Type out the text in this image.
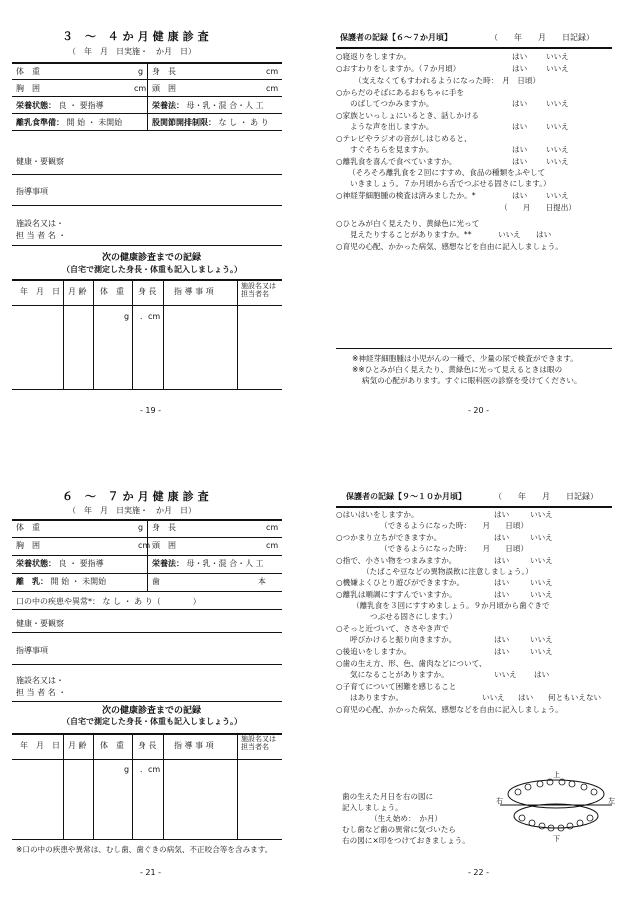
３ ～ ４か月健康診査
（　年　月　日実施・　か月　日）
体　重	g 身　長	cm
胸　囲	cm 頭　囲	cm
栄養状態： 良 ・ 要指導	栄養法： 母・乳・混 合・人 工
離乳食準備： 開 始 ・ 未開始	股関節開排制限： な し ・ あ り
健康・要観察
指導事項
施設名又は・
担 当 者 名 ・
次の健康診査までの記録
（自宅で測定した身長・体重も記入しましょう。）
年　月　日 月 齢 体　重 身 長 指 導 事 項
施設名又は担当者名
g ．cm
- 19 -
保護者の記録【６～７か月頃】	（　　年　　月　　日記録）
○寝返りをしますか。	はい いいえ
○おすわりをしますか。（７か月頃）	はい いいえ
（支えなくてもすわれるようになった時：　月　日頃）
○からだのそばにあるおもちゃに手を
のばしてつかみますか。	はい いいえ
○家族といっしょにいるとき、話しかける
ような声を出しますか。	はい いいえ
○テレビやラジオの音がしはじめると、
すぐそちらを見ますか。	はい いいえ
○離乳食を喜んで食べていますか。	はい いいえ
（そろそろ離乳食を２回にすすめ、食品の種類をふやして
いきましょう。７か月頃から舌でつぶせる固さにします。）
○神経芽細胞腫の検査は済みましたか。*	はい いいえ
（　　月　　日提出）
○ひとみが白く見えたり、黄緑色に光って
見えたりすることがありますか。**	いいえ はい
○育児の心配、かかった病気、感想などを自由に記入しましょう。
※神経芽細胞腫は小児がんの一種で、少量の尿で検査ができます。
※※ひとみが白く見えたり、黄緑色に光って見えるときは眼の
病気の心配があります。すぐに眼科医の診察を受けてください。
- 20 -
６ ～ ７か月健康診査
（　年　月　日実施・　か月　日）
体　重	g 身　長	cm
胸　囲	cm 頭　囲	cm
栄養状態： 良 ・ 要指導	栄養法： 母・乳・混 合・人 工
離　乳： 開 始 ・ 未開始	歯	本
口の中の疾患や異常*： な し ・ あ り（　　　　）
健康・要観察
指導事項
施設名又は・
担 当 者 名 ・
次の健康診査までの記録
（自宅で測定した身長・体重も記入しましょう。）
年　月　日 月 齢 体　重 身 長 指 導 事 項
施設名又は担当者名
g ．cm
※口の中の疾患や異常は、むし歯、歯ぐきの病気、不正咬合等を含みます。
- 21 -
保護者の記録【９～１０か月頃】	（　　年　　月　　日記録）
○はいはいをしますか。	はい	いいえ
（できるようになった時：　　月　　日頃）
○つかまり立ちができますか。	はい	いいえ
（できるようになった時：　　月　　日頃）
○指で、小さい物をつまみますか。	はい	いいえ
（たばこや豆などの異物誤飲に注意しましょう。）
○機嫌よくひとり遊びができますか。	はい	いいえ
○離乳は順調にすすんでいますか。	はい	いいえ
（離乳食を３回にすすめましょう。９か月頃から歯ぐきで
つぶせる固さにします。）
○そっと近づいて、ささやき声で
呼びかけると振り向きますか。	はい	いいえ
○後追いをしますか。	はい	いいえ
○歯の生え方、形、色、歯肉などについて、
気になることがありますか。	いいえ はい
○子育てについて困難を感じること
はありますか。	いいえ はい 何ともいえない
○育児の心配、かかった病気、感想などを自由に記入しましょう。
歯の生えた月日を右の図に
記入しましょう。
（生え始め：　か月）
むし歯など歯の異常に気づいたら
右の図に×印をつけておきましょう。
上
下
右	左
- 22 -
